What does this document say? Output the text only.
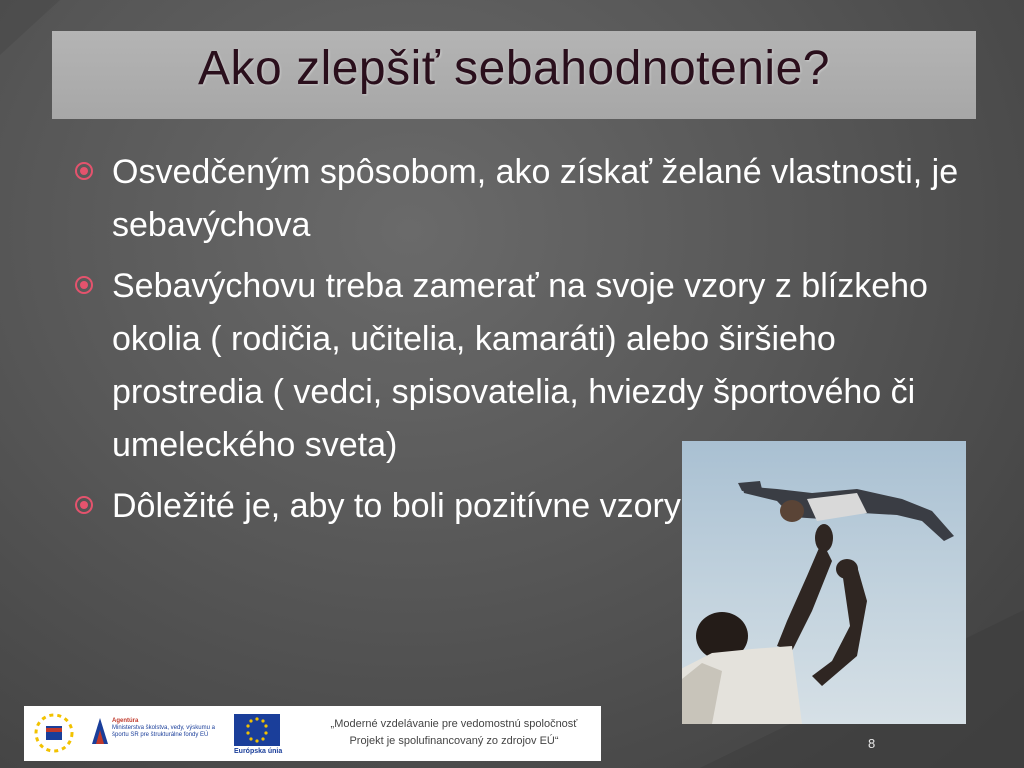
Ako zlepšiť sebahodnotenie?
Osvedčeným spôsobom, ako získať želané vlastnosti, je sebavýchova
Sebavýchovu treba zamerať na svoje vzory z blízkeho okolia ( rodičia, učitelia, kamaráti) alebo širšieho prostredia ( vedci, spisovatelia, hviezdy športového či umeleckého sveta)
Dôležité je, aby to boli pozitívne vzory
Agentúra
Ministerstva školstva, vedy, výskumu a športu SR pre štrukturálne fondy EÚ
Európska únia
„Moderné vzdelávanie pre vedomostnú spoločnosť
Projekt je spolufinancovaný zo zdrojov EÚ“	8
